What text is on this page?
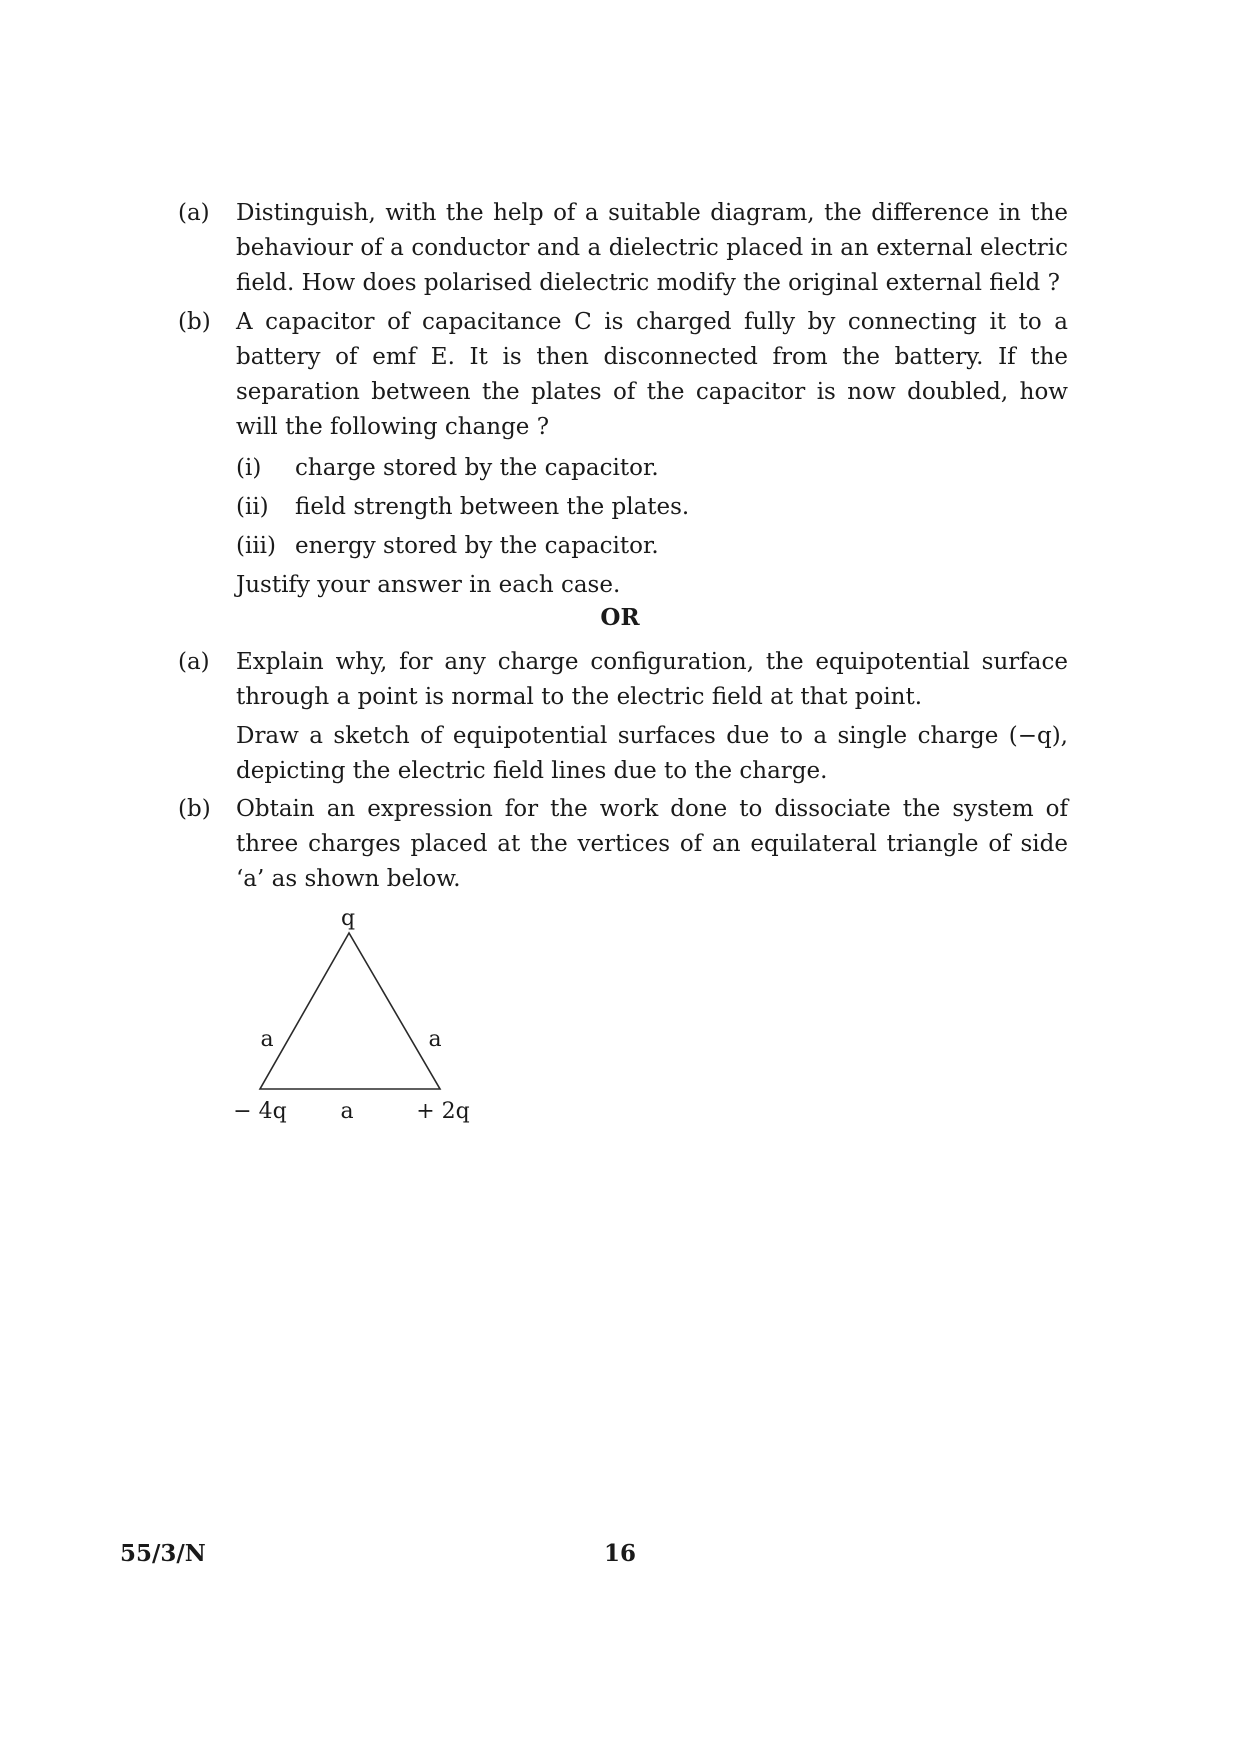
(a) Distinguish, with the help of a suitable diagram, the difference in the behaviour of a conductor and a dielectric placed in an external electric field. How does polarised dielectric modify the original external field ?
(b) A capacitor of capacitance C is charged fully by connecting it to a battery of emf E. It is then disconnected from the battery. If the separation between the plates of the capacitor is now doubled, how will the following change ?
(i) charge stored by the capacitor.
(ii) field strength between the plates.
(iii) energy stored by the capacitor.
Justify your answer in each case.
OR
(a) Explain why, for any charge configuration, the equipotential surface through a point is normal to the electric field at that point.
Draw a sketch of equipotential surfaces due to a single charge (−q), depicting the electric field lines due to the charge.
(b) Obtain an expression for the work done to dissociate the system of three charges placed at the vertices of an equilateral triangle of side ‘a’ as shown below.
q
a	a
− 4q a	+ 2q
55/3/N	16
